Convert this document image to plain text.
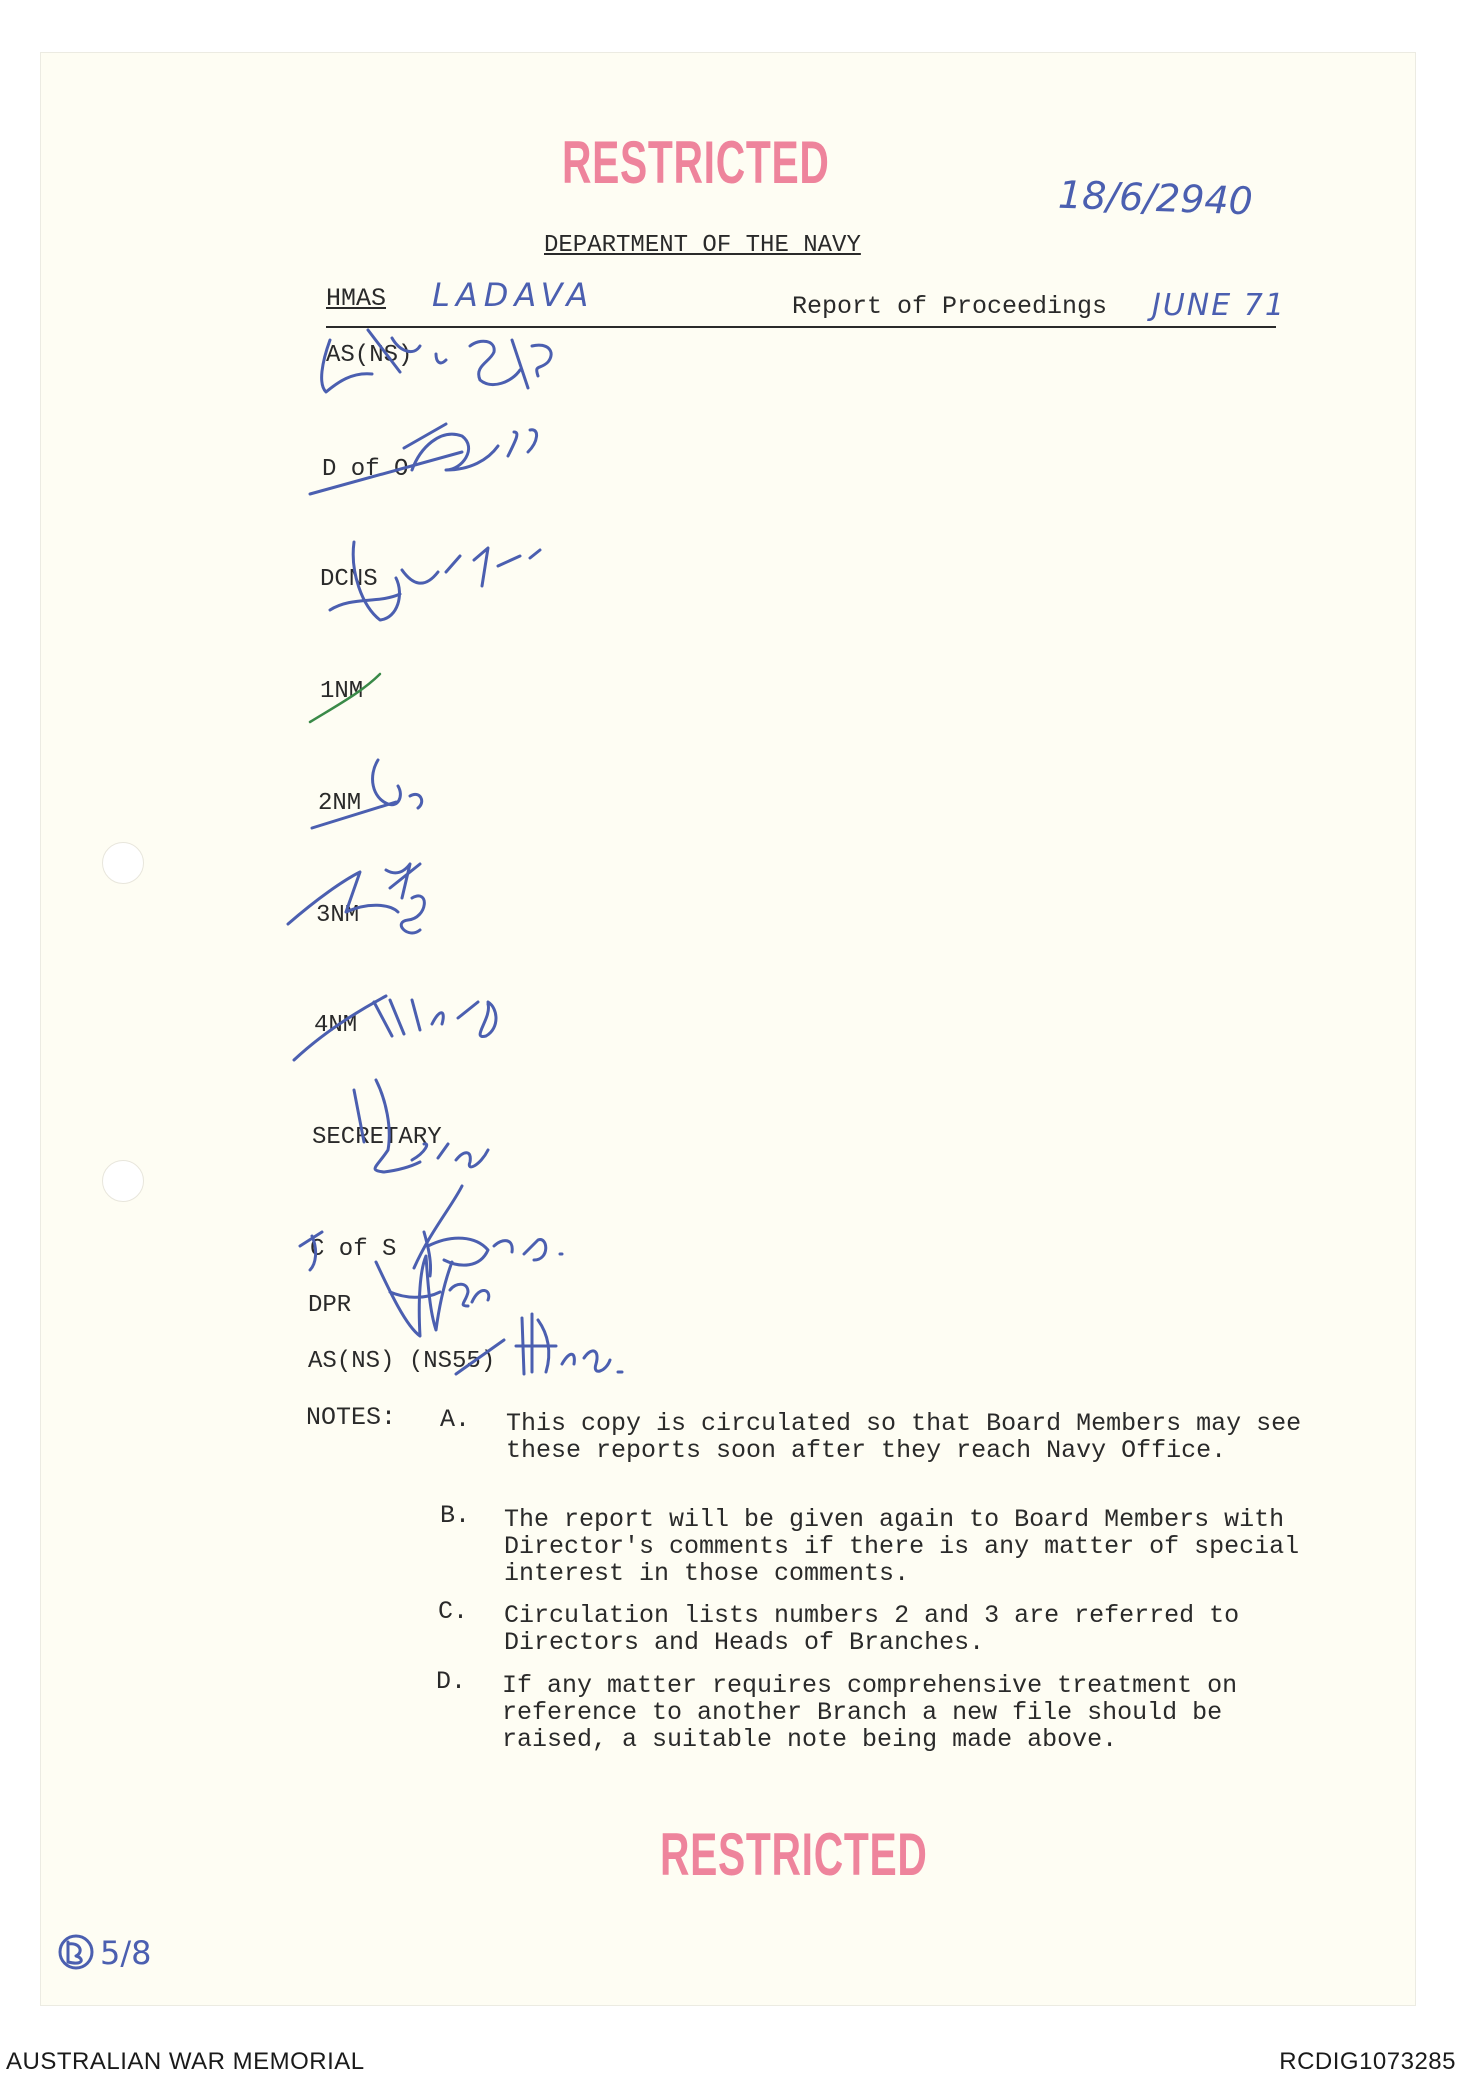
RESTRICTED
RESTRICTED
18/6/2940
DEPARTMENT OF THE NAVY
HMAS LADAVA	Report of Proceedings JUNE 71
AS(NS)
D of O
DCNS
1NM
2NM
3NM
4NM
SECRETARY
C of S
DPR
AS(NS) (NS55)
NOTES: A. This copy is circulated so that Board Members may see these reports soon after they reach Navy Office.
B. The report will be given again to Board Members with Director's comments if there is any matter of special interest in those comments.
C. Circulation lists numbers 2 and 3 are referred to Directors and Heads of Branches.
D. If any matter requires comprehensive treatment on reference to another Branch a new file should be raised, a suitable note being made above.
5/8
AUSTRALIAN WAR MEMORIAL	RCDIG1073285
